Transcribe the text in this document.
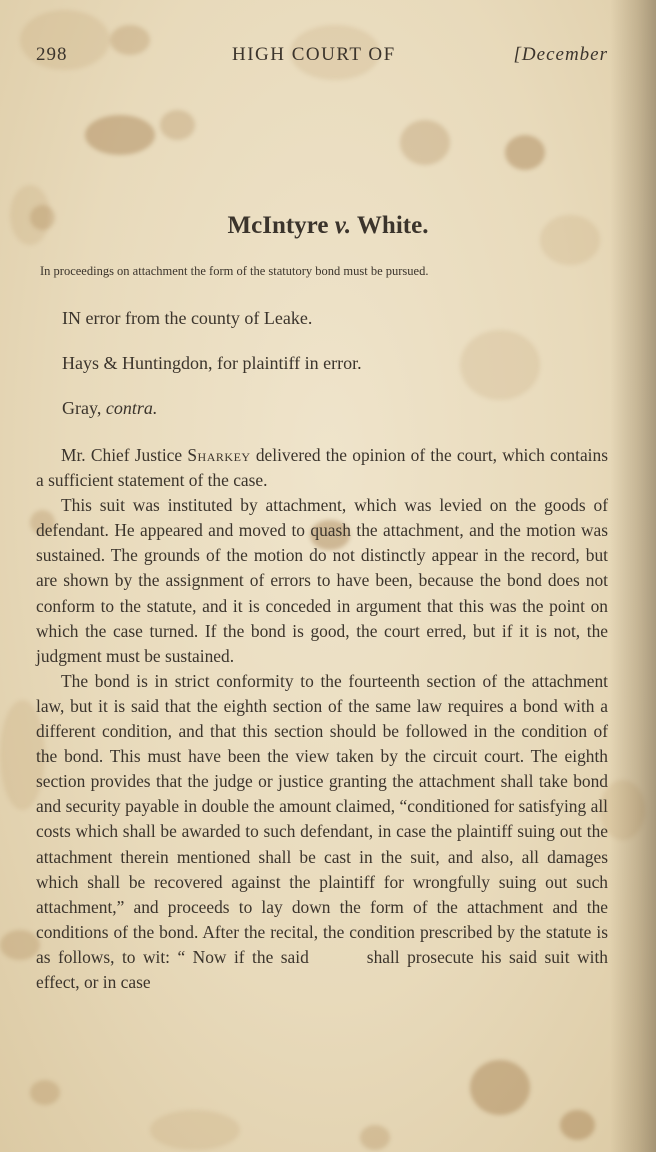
298	HIGH COURT OF	[December
McIntyre v. White.
In proceedings on attachment the form of the statutory bond must be pursued.
IN error from the county of Leake.
Hays & Huntingdon, for plaintiff in error.
Gray, contra.

Mr. Chief Justice Sharkey delivered the opinion of the court, which contains a sufficient statement of the case.

This suit was instituted by attachment, which was levied on the goods of defendant. He appeared and moved to quash the attachment, and the motion was sustained. The grounds of the motion do not distinctly appear in the record, but are shown by the assignment of errors to have been, because the bond does not conform to the statute, and it is conceded in argument that this was the point on which the case turned. If the bond is good, the court erred, but if it is not, the judgment must be sustained.

The bond is in strict conformity to the fourteenth section of the attachment law, but it is said that the eighth section of the same law requires a bond with a different condition, and that this section should be followed in the condition of the bond. This must have been the view taken by the circuit court. The eighth section provides that the judge or justice granting the attachment shall take bond and security payable in double the amount claimed, “conditioned for satisfying all costs which shall be awarded to such defendant, in case the plaintiff suing out the attachment therein mentioned shall be cast in the suit, and also, all damages which shall be recovered against the plaintiff for wrongfully suing out such attachment,” and proceeds to lay down the form of the attachment and the conditions of the bond. After the recital, the condition prescribed by the statute is as follows, to wit: “ Now if the said	shall prosecute his said suit with effect, or in case
